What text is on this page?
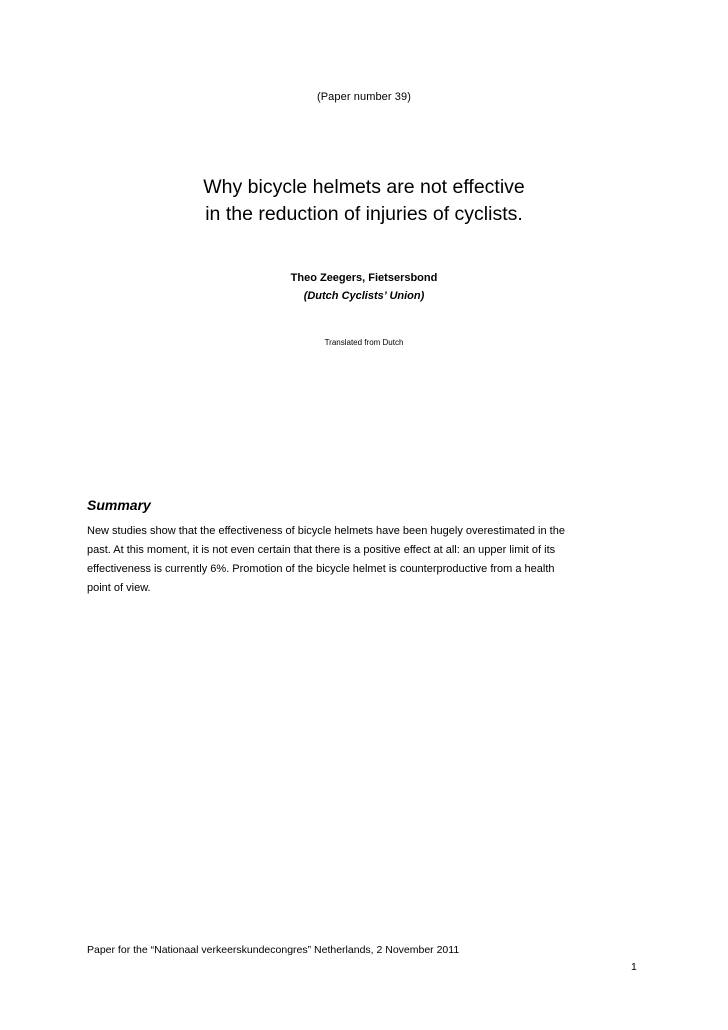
(Paper number 39)
Why bicycle helmets are not effective
in the reduction of injuries of cyclists.
Theo Zeegers, Fietsersbond
(Dutch Cyclists’ Union)
Translated from Dutch
Summary
New studies show that the effectiveness of bicycle helmets have been hugely overestimated in the
past. At this moment, it is not even certain that there is a positive effect at all: an upper limit of its
effectiveness is currently 6%. Promotion of the bicycle helmet is counterproductive from a health
point of view.
Paper for the “Nationaal verkeerskundecongres” Netherlands, 2 November 2011
1
